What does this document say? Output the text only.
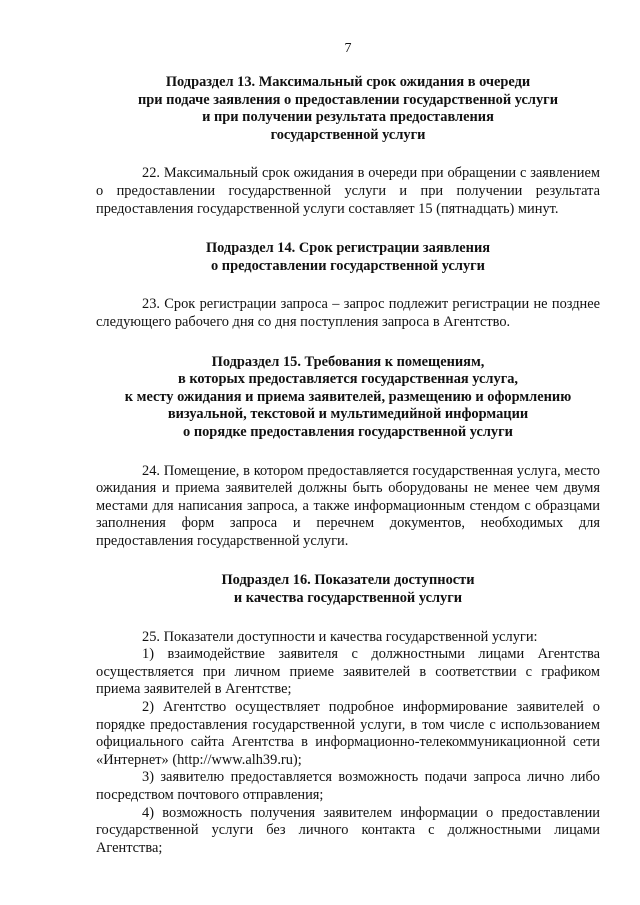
7
Подраздел 13. Максимальный срок ожидания в очереди
при подаче заявления о предоставлении государственной услуги
и при получении результата предоставления
государственной услуги

22. Максимальный срок ожидания в очереди при обращении с заявлением о предоставлении государственной услуги и при получении результата предоставления государственной услуги составляет 15 (пятнадцать) минут.

Подраздел 14. Срок регистрации заявления
о предоставлении государственной услуги

23. Срок регистрации запроса – запрос подлежит регистрации не позднее следующего рабочего дня со дня поступления запроса в Агентство.

Подраздел 15. Требования к помещениям,
в которых предоставляется государственная услуга,
к месту ожидания и приема заявителей, размещению и оформлению
визуальной, текстовой и мультимедийной информации
о порядке предоставления государственной услуги

24. Помещение, в котором предоставляется государственная услуга, место ожидания и приема заявителей должны быть оборудованы не менее чем двумя местами для написания запроса, а также информационным стендом с образцами заполнения форм запроса и перечнем документов, необходимых для предоставления государственной услуги.

Подраздел 16. Показатели доступности
и качества государственной услуги

25. Показатели доступности и качества государственной услуги:

1) взаимодействие заявителя с должностными лицами Агентства осуществляется при личном приеме заявителей в соответствии с графиком приема заявителей в Агентстве;

2) Агентство осуществляет подробное информирование заявителей о порядке предоставления государственной услуги, в том числе с использованием официального сайта Агентства в информационно-телекоммуникационной сети «Интернет» (http://www.alh39.ru);

3) заявителю предоставляется возможность подачи запроса лично либо посредством почтового отправления;

4) возможность получения заявителем информации о предоставлении государственной услуги без личного контакта с должностными лицами Агентства;
